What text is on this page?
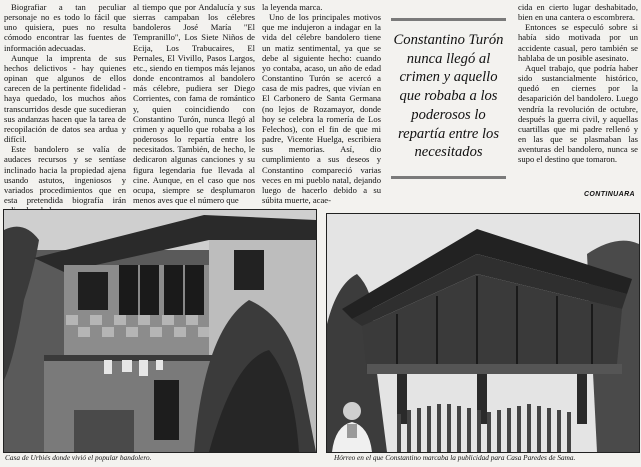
Biografiar a tan peculiar personaje no es todo lo fácil que uno quisiera, pues no resulta cómodo encontrar las fuentes de información adecuadas.

Aunque la imprenta de sus hechos delictivos - hay quienes opinan que algunos de ellos carecen de la pertinente fidelidad - haya quedado, los muchos años transcurridos desde que sucedieran sus andanzas hacen que la tarea de recopilación de datos sea ardua y difícil.

Este bandolero se valía de audaces recursos y se sentíase inclinado hacia la propiedad ajena usando astutos, ingeniosos y variados procedimientos que en esta pretendida biografía irán

al tiempo que por Andalucía y sus sierras campaban los célebres bandoleros José María "El Tempranillo", Los Siete Niños de Ecija, Los Trabucaires, El Pernales, El Vivillo, Pasos Largos, etc., siendo en tiempos más lejanos donde encontramos al bandolero más célebre, pudiera ser Diego Corrientes, con fama de romántico y, quien coincidiendo con Constantino Turón, nunca llegó al crimen y aquello que robaba a los poderosos lo repartía entre los necesitados. También, de hecho, le dedicaron algunas canciones y su figura legendaria fue llevada al cine. Aunque, en el caso que nos ocupa, siempre se desplumaron menos aves que el número que

la leyenda marca.

Uno de los principales motivos que me indujeron a indagar en la vida del célebre bandolero tiene un matiz sentimental, ya que se debe al siguiente hecho: cuando yo contaba, acaso, un año de edad Constantino Turón se acercó a casa de mis padres, que vivían en El Carbonero de Santa Germana (no lejos de Rozamayor, donde hoy se celebra la romería de Los Felechos), con el fin de que mi padre, Vicente Huelga, escribiera sus memorias. Así, dio cumplimiento a sus deseos y Constantino compareció varias veces en mi pueblo natal, dejando luego de hacerlo debido a su súbita muerte, acae-

Constantino Turón nunca llegó al crimen y aquello que robaba a los poderosos lo repartía entre los necesitados

cida en cierto lugar deshabitado, bien en una cantera o escombrera.

Entonces se especuló sobre si había sido motivada por un accidente casual, pero también se hablaba de un posible asesinato.

Aquel trabajo, que podría haber sido sustancialmente histórico, quedó en ciernes por la desaparición del bandolero. Luego vendría la revolución de octubre, después la guerra civil, y aquellas cuartillas que mi padre rellenó y en las que se plasmaban las aventuras del bandolero, nunca se supo el destino que tomaron.

CONTINUARA
Casa de Urbiés donde vivió el popular bandolero.	Hórreo en el que Constantino marcaba la publicidad para Casa Paredes de Sama.
